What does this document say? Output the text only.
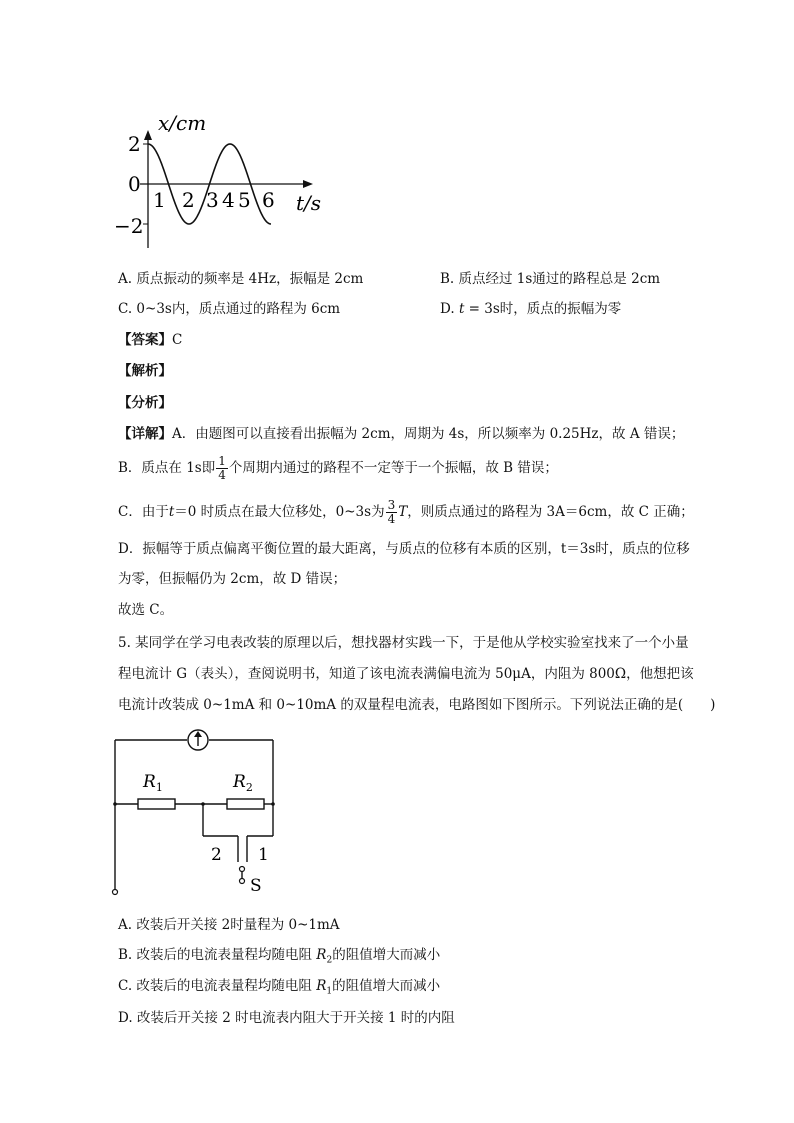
x/cm
t/s
2
0
−2
1 2 3 4 5 6
A. 质点振动的频率是 4Hz，振幅是 2cm	B. 质点经过 1s通过的路程总是 2cm
C. 0~3s内，质点通过的路程为 6cm	D. t = 3s时，质点的振幅为零
【答案】C
【解析】
【分析】
【详解】A．由题图可以直接看出振幅为 2cm，周期为 4s，所以频率为 0.25Hz，故 A 错误；
B．质点在 1s即 $\frac{1}{4}$ 个周期内通过的路程不一定等于一个振幅，故 B 错误；
C．由于t＝0 时质点在最大位移处，0~3s为 $\frac{3}{4}$ T，则质点通过的路程为 3A＝6cm，故 C 正确；
D．振幅等于质点偏离平衡位置的最大距离，与质点的位移有本质的区别，t＝3s时，质点的位移
为零，但振幅仍为 2cm，故 D 错误；
故选 C。
5. 某同学在学习电表改装的原理以后，想找器材实践一下，于是他从学校实验室找来了一个小量
程电流计 G（表头），查阅说明书，知道了该电流表满偏电流为 50μA，内阻为 800Ω，他想把该
电流计改装成 0~1mA 和 0~10mA 的双量程电流表，电路图如下图所示。下列说法正确的是(　　)
$R_1$	$R_2$
2 1
S
A. 改装后开关接 2时量程为 0~1mA
B. 改装后的电流表量程均随电阻 $R_2$的阻值增大而减小
C. 改装后的电流表量程均随电阻 $R_1$的阻值增大而减小
D. 改装后开关接 2 时电流表内阻大于开关接 1 时的内阻
